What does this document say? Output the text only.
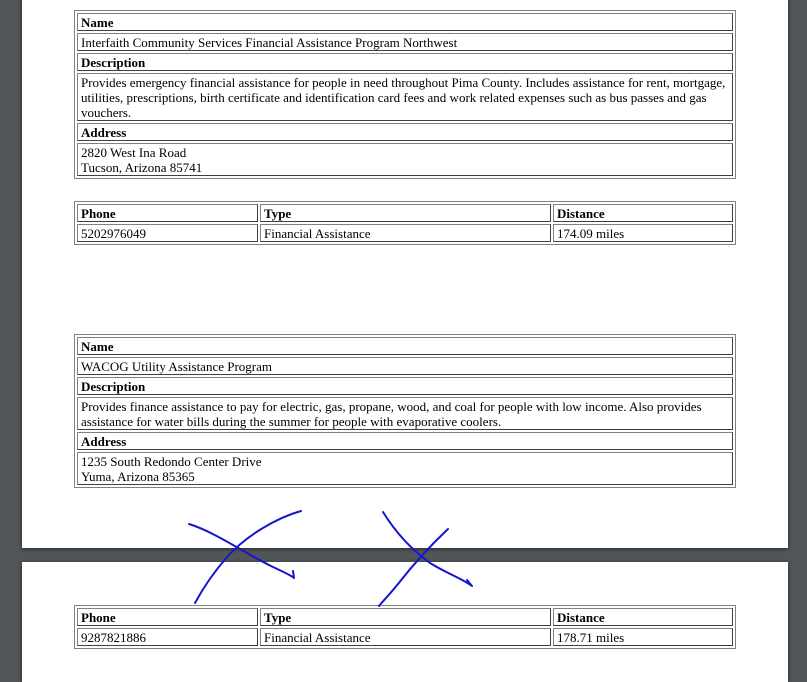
Name
Interfaith Community Services Financial Assistance Program Northwest
Description
Provides emergency financial assistance for people in need throughout Pima County. Includes assistance for rent, mortgage, utilities, prescriptions, birth certificate and identification card fees and work related expenses such as bus passes and gas vouchers.
Address
2820 West Ina Road
Tucson, Arizona 85741
Phone	Type	Distance
5202976049	Financial Assistance	174.09 miles
Name
WACOG Utility Assistance Program
Description
Provides finance assistance to pay for electric, gas, propane, wood, and coal for people with low income. Also provides assistance for water bills during the summer for people with evaporative coolers.
Address
1235 South Redondo Center Drive
Yuma, Arizona 85365
Phone	Type	Distance
9287821886	Financial Assistance	178.71 miles
